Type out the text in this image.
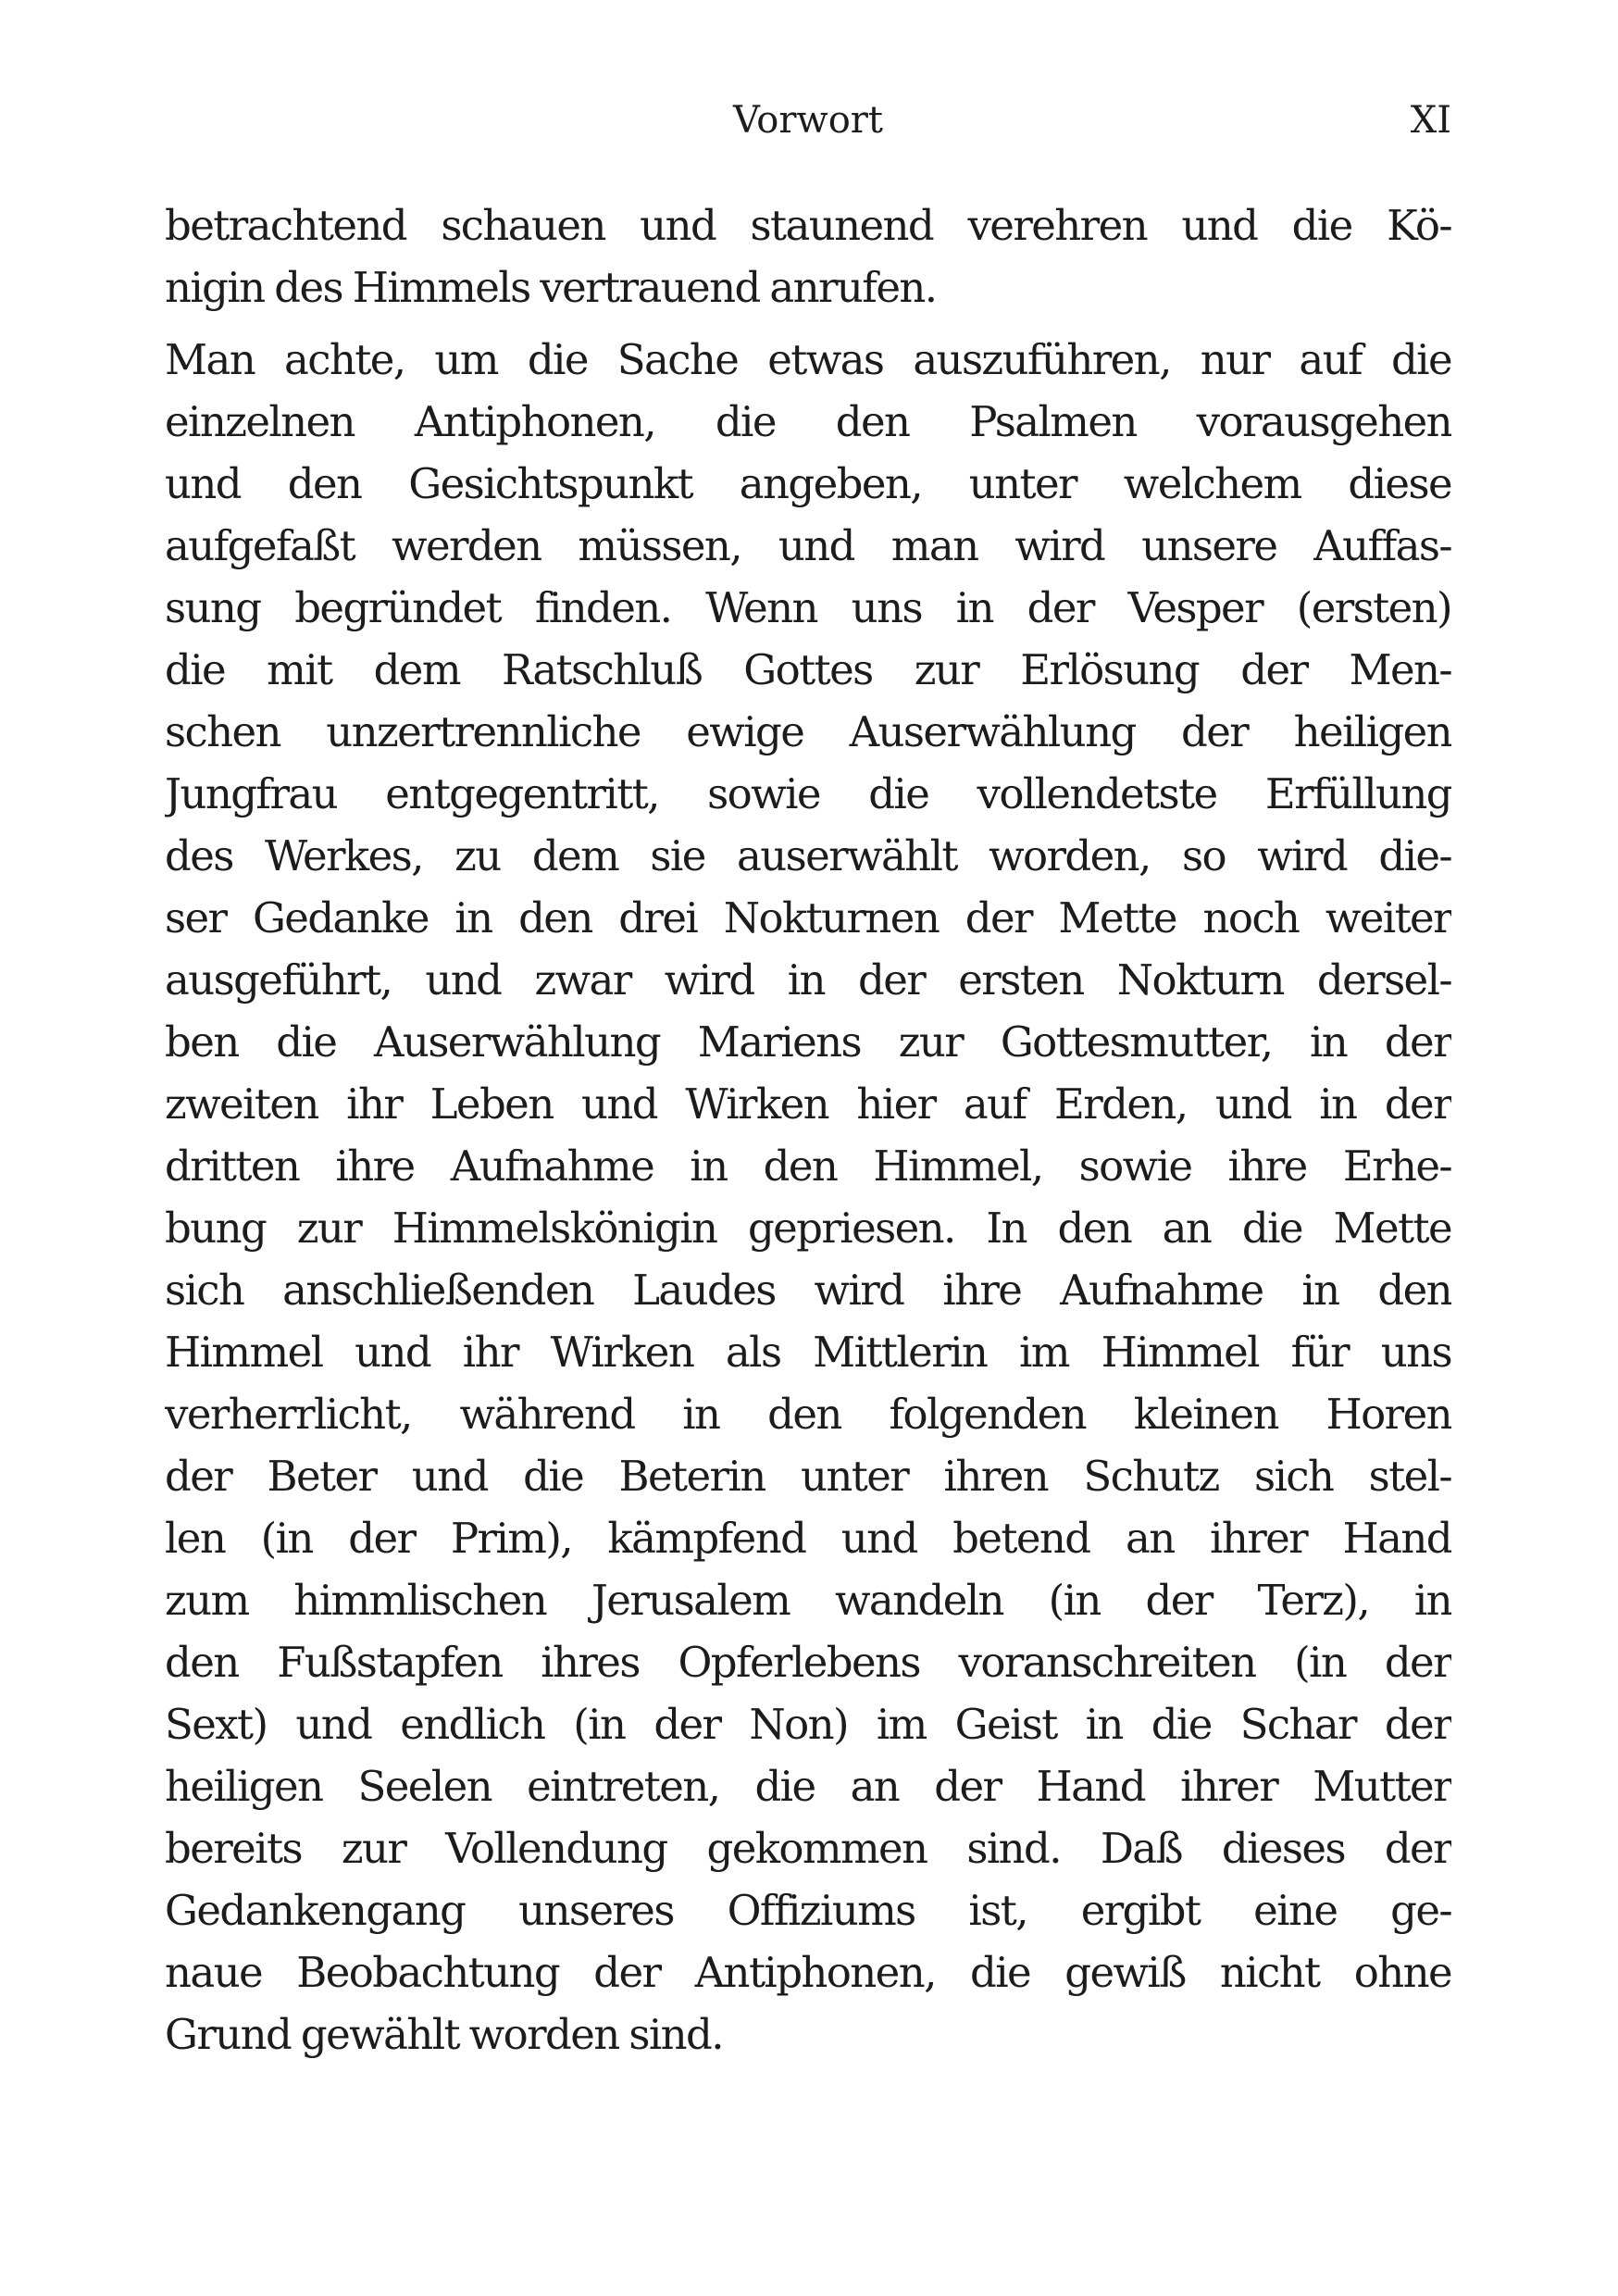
Vorwort	XI
betrachtend schauen und staunend verehren und die Kö-
nigin des Himmels vertrauend anrufen.
Man achte, um die Sache etwas auszuführen, nur auf die
einzelnen Antiphonen, die den Psalmen vorausgehen
und den Gesichtspunkt angeben, unter welchem diese
aufgefaßt werden müssen, und man wird unsere Auffas-
sung begründet finden. Wenn uns in der Vesper (ersten)
die mit dem Ratschluß Gottes zur Erlösung der Men-
schen unzertrennliche ewige Auserwählung der heiligen
Jungfrau entgegentritt, sowie die vollendetste Erfüllung
des Werkes, zu dem sie auserwählt worden, so wird die-
ser Gedanke in den drei Nokturnen der Mette noch weiter
ausgeführt, und zwar wird in der ersten Nokturn dersel-
ben die Auserwählung Mariens zur Gottesmutter, in der
zweiten ihr Leben und Wirken hier auf Erden, und in der
dritten ihre Aufnahme in den Himmel, sowie ihre Erhe-
bung zur Himmelskönigin gepriesen. In den an die Mette
sich anschließenden Laudes wird ihre Aufnahme in den
Himmel und ihr Wirken als Mittlerin im Himmel für uns
verherrlicht, während in den folgenden kleinen Horen
der Beter und die Beterin unter ihren Schutz sich stel-
len (in der Prim), kämpfend und betend an ihrer Hand
zum himmlischen Jerusalem wandeln (in der Terz), in
den Fußstapfen ihres Opferlebens voranschreiten (in der
Sext) und endlich (in der Non) im Geist in die Schar der
heiligen Seelen eintreten, die an der Hand ihrer Mutter
bereits zur Vollendung gekommen sind. Daß dieses der
Gedankengang unseres Offiziums ist, ergibt eine ge-
naue Beobachtung der Antiphonen, die gewiß nicht ohne
Grund gewählt worden sind.
